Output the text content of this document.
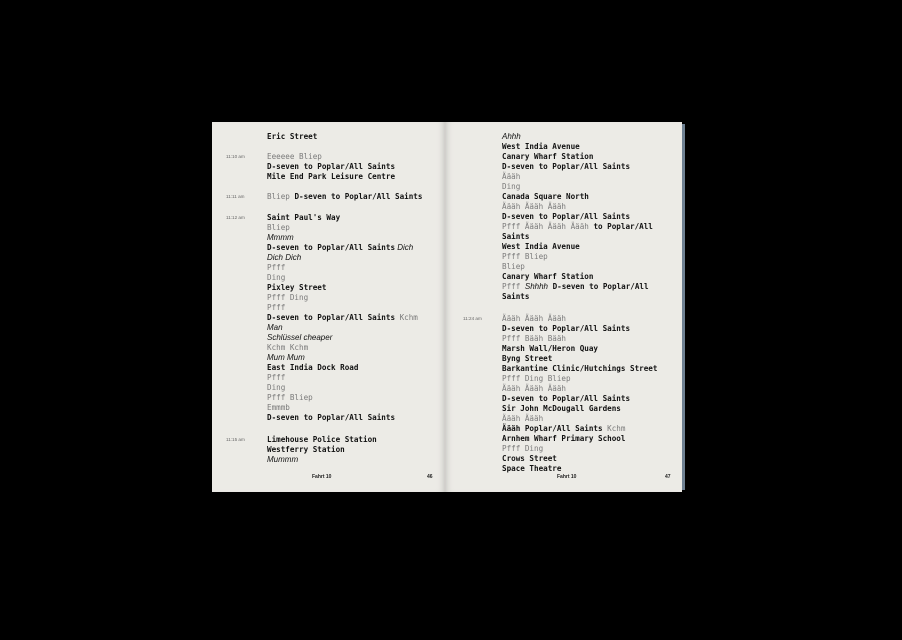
Fahrt 10	46
Eric Street
Eeeeee Bliep
D-seven to Poplar/All Saints
Mile End Park Leisure Centre
Bliep D-seven to Poplar/All Saints
Saint Paul's Way
Bliep
Mmmm
D-seven to Poplar/All Saints Dich
Dich Dich
Pfff
Ding
Pixley Street
Pfff Ding
Pfff
D-seven to Poplar/All Saints Kchm
Man
Schlüssel cheaper
Kchm Kchm
Mum Mum
East India Dock Road
Pfff
Ding
Pfff Bliep
Emmmb
D-seven to Poplar/All Saints
Limehouse Police Station
Westferry Station
Mummm
11:10 am
11:11 am
11:12 am
11:15 am
Fahrt 10	47
Ahhh
West India Avenue
Canary Wharf Station
D-seven to Poplar/All Saints
Äääh
Ding
Canada Square North
Äääh Äääh Äääh
D-seven to Poplar/All Saints
Pfff Äääh Äääh Äääh to Poplar/All
Saints
West India Avenue
Pfff Bliep
Bliep
Canary Wharf Station
Pfff Shhhh D-seven to Poplar/All
Saints
Äääh Äääh Äääh
D-seven to Poplar/All Saints
Pfff Bääh Bääh
Marsh Wall/Heron Quay
Byng Street
Barkantine Clinic/Hutchings Street
Pfff Ding Bliep
Äääh Äääh Äääh
D-seven to Poplar/All Saints
Sir John McDougall Gardens
Äääh Äääh
Äääh Poplar/All Saints Kchm
Arnhem Wharf Primary School
Pfff Ding
Crows Street
Space Theatre
11:24 am
